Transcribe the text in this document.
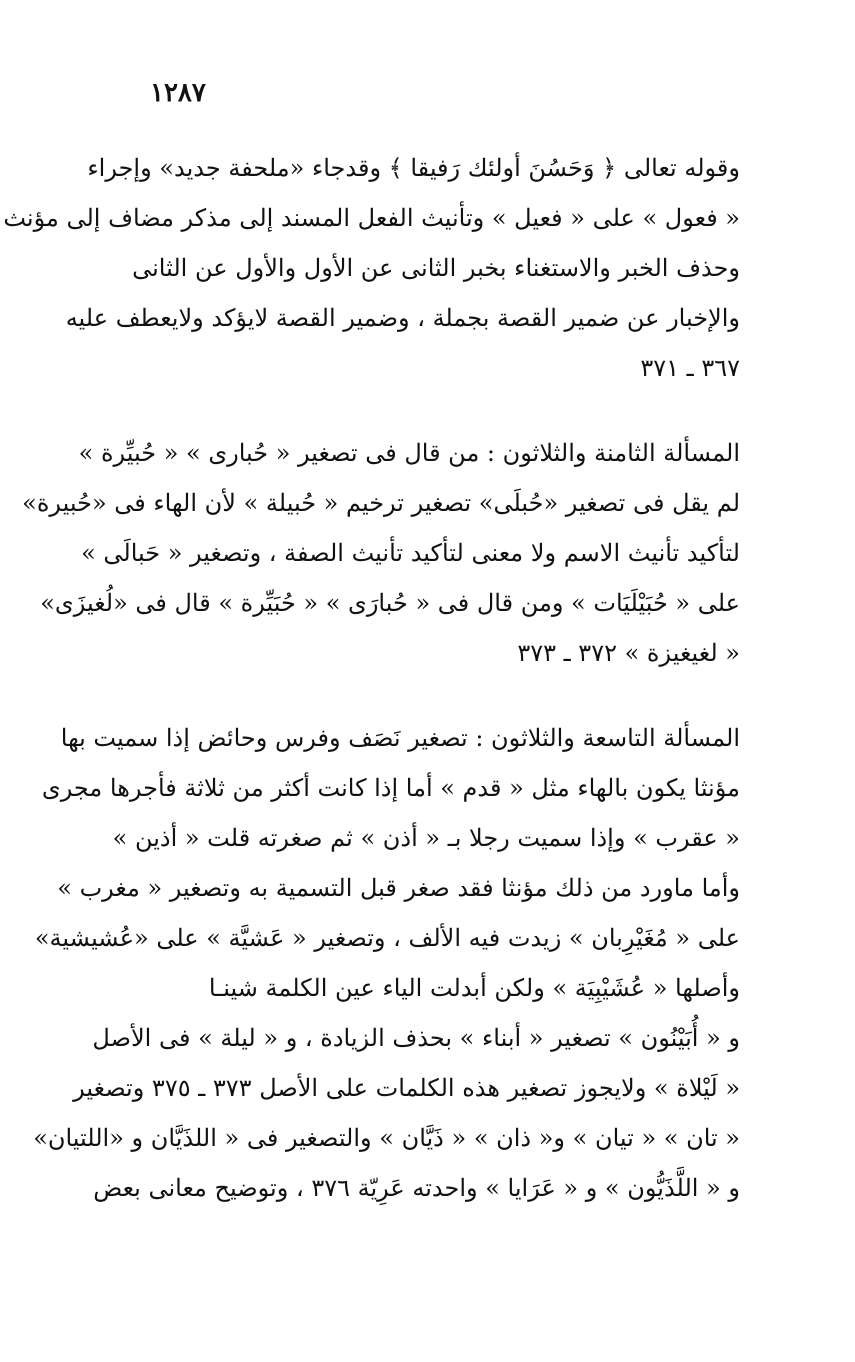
١٢٨٧
وقوله تعالى ﴿ وَحَسُنَ أولئك رَفيقا ﴾ وقدجاء «ملحفة جديد» وإجراء
« فعول » على « فعيل » وتأنيث الفعل المسند إلى مذكر مضاف إلى مؤنث
وحذف الخبر والاستغناء بخبر الثانى عن الأول والأول عن الثانى
والإخبار عن ضمير القصة بجملة ، وضمير القصة لايؤكد ولايعطف عليه
٣٦٧ ـ ٣٧١
المسألة الثامنة والثلاثون : من قال فى تصغير « حُبارى » « حُبيِّرة »
لم يقل فى تصغير «حُبلَى» تصغير ترخيم « حُبيلة » لأن الهاء فى «حُبيرة»
لتأكيد تأنيث الاسم ولا معنى لتأكيد تأنيث الصفة ، وتصغير « حَبالَى »
على « حُبَيْلَيَات » ومن قال فى « حُبارَى » « حُبَيِّرة » قال فى «لُغيزَى»
« لغيغيزة » ٣٧٢ ـ ٣٧٣
المسألة التاسعة والثلاثون : تصغير نَصَف وفرس وحائض إذا سميت بها
مؤنثا يكون بالهاء مثل « قدم » أما إذا كانت أكثر من ثلاثة فأجرها مجرى
« عقرب » وإذا سميت رجلا بـ « أذن » ثم صغرته قلت « أذين »
وأما ماورد من ذلك مؤنثا فقد صغر قبل التسمية به وتصغير « مغرب »
على « مُغَيْرِبان » زيدت فيه الألف ، وتصغير « عَشيَّة » على «عُشيشية»
وأصلها « عُشَيْبِيَة » ولكن أبدلت الياء عين الكلمة شينـا
و « أُبَيْنُون » تصغير « أبناء » بحذف الزيادة ، و « ليلة » فى الأصل
« لَيْلاة » ولايجوز تصغير هذه الكلمات على الأصل ٣٧٣ ـ ٣٧٥ وتصغير
« تان » « تيان » و« ذان » « ذَيَّان » والتصغير فى « اللذَيَّان و «اللتيان»
و « اللَّذَيُّون » و « عَرَايا » واحدته عَرِيّة ٣٧٦ ، وتوضيح معانى بعض
